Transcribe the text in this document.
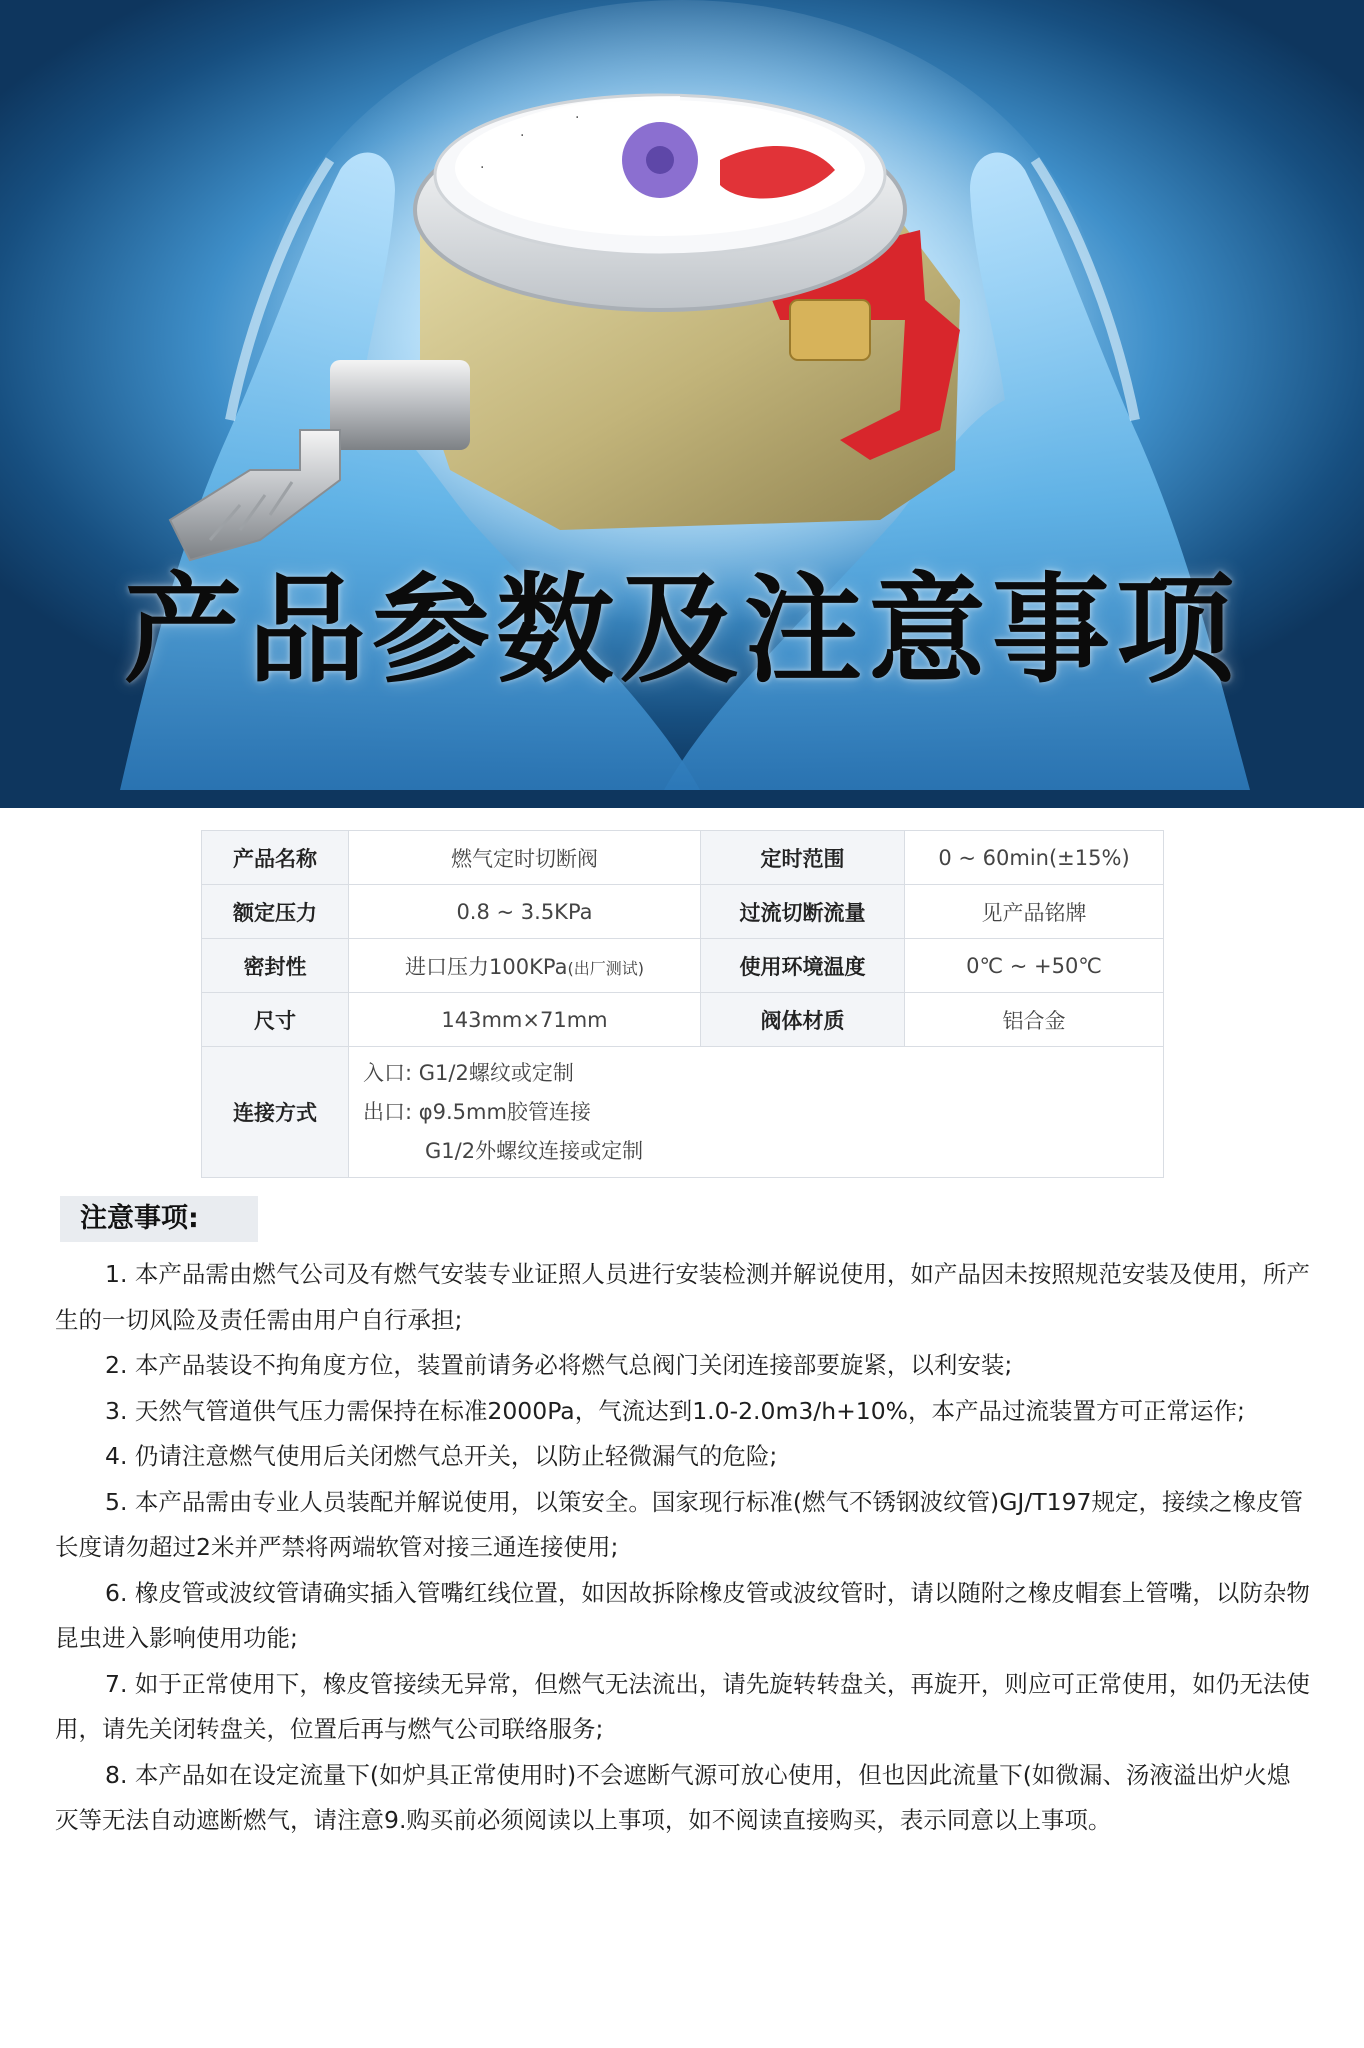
·
·
·
产品参数及注意事项
产品名称	燃气定时切断阀	定时范围	0 ~ 60min(±15%)
额定压力	0.8 ~ 3.5KPa	过流切断流量	见产品铭牌
密封性	进口压力100KPa(出厂测试)	使用环境温度	0℃ ~ +50℃
尺寸	143mm×71mm	阀体材质	铝合金
连接方式	入口: G1/2螺纹或定制
出口: φ9.5mm胶管连接
G1/2外螺纹连接或定制		
注意事项:

1. 本产品需由燃气公司及有燃气安装专业证照人员进行安装检测并解说使用，如产品因未按照规范安装及使用，所产生的一切风险及责任需由用户自行承担;

2. 本产品装设不拘角度方位，装置前请务必将燃气总阀门关闭连接部要旋紧，以利安装;

3. 天然气管道供气压力需保持在标准2000Pa，气流达到1.0-2.0m3/h+10%，本产品过流装置方可正常运作;

4. 仍请注意燃气使用后关闭燃气总开关，以防止轻微漏气的危险;

5. 本产品需由专业人员装配并解说使用，以策安全。国家现行标准(燃气不锈钢波纹管)GJ/T197规定，接续之橡皮管长度请勿超过2米并严禁将两端软管对接三通连接使用;

6. 橡皮管或波纹管请确实插入管嘴红线位置，如因故拆除橡皮管或波纹管时，请以随附之橡皮帽套上管嘴，以防杂物昆虫进入影响使用功能;

7. 如于正常使用下，橡皮管接续无异常，但燃气无法流出，请先旋转转盘关，再旋开，则应可正常使用，如仍无法使用，请先关闭转盘关，位置后再与燃气公司联络服务;

8. 本产品如在设定流量下(如炉具正常使用时)不会遮断气源可放心使用，但也因此流量下(如微漏、汤液溢出炉火熄灭等无法自动遮断燃气，请注意9.购买前必须阅读以上事项，如不阅读直接购买，表示同意以上事项。
